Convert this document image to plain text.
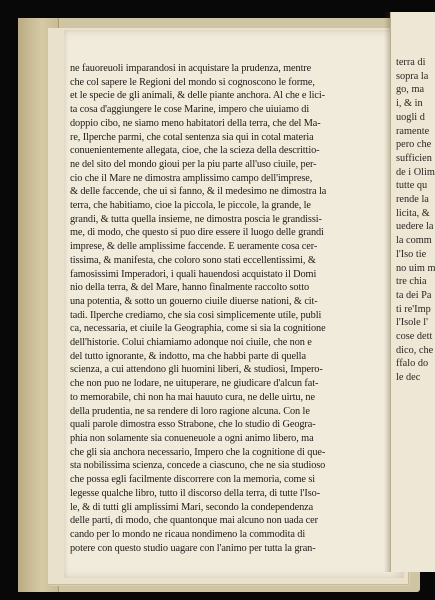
ne fauoreuoli imparandosi in acquistare la prudenza, mentre
che col sapere le Regioni del mondo si cognoscono le forme,
et le specie de gli animali, & delle piante anchora. Al che e lici-
ta cosa d'aggiungere le cose Marine, impero che uiuiamo di
doppio cibo, ne siamo meno habitatori della terra, che del Ma-
re, Ilperche parmi, che cotal sentenza sia qui in cotal materia
conuenientemente allegata, cioe, che la scieza della descrittio-
ne del sito del mondo gioui per la piu parte all'uso ciuile, per-
cio che il Mare ne dimostra amplissimo campo dell'imprese,
& delle faccende, che ui si fanno, & il medesimo ne dimostra la
terra, che habitiamo, cioe la piccola, le piccole, la grande, le
grandi, & tutta quella insieme, ne dimostra poscia le grandissi-
me, di modo, che questo si puo dire essere il luogo delle grandi
imprese, & delle amplissime faccende. E ueramente cosa cer-
tissima, & manifesta, che coloro sono stati eccellentissimi, &
famosissimi Imperadori, i quali hauendosi acquistato il Domi
nio della terra, & del Mare, hanno finalmente raccolto sotto
una potentia, & sotto un gouerno ciuile diuerse nationi, & cit-
tadi. Ilperche crediamo, che sia cosi simplicemente utile, publi
ca, necessaria, et ciuile la Geographia, come si sia la cognitione
dell'historie. Colui chiamiamo adonque noi ciuile, che non e
del tutto ignorante, & indotto, ma che habbi parte di quella
scienza, a cui attendono gli huomini liberi, & studiosi, Impero-
che non puo ne lodare, ne uituperare, ne giudicare d'alcun fat-
to memorabile, chi non ha mai hauuto cura, ne delle uirtu, ne
della prudentia, ne sa rendere di loro ragione alcuna. Con le
quali parole dimostra esso Strabone, che lo studio di Geogra-
phia non solamente sia conueneuole a ogni animo libero, ma
che gli sia anchora necessario, Impero che la cognitione di que-
sta nobilissima scienza, concede a ciascuno, che ne sia studioso
che possa egli facilmente discorrere con la memoria, come si
legesse qualche libro, tutto il discorso della terra, di tutte l'Iso-
le, & di tutti gli amplissimi Mari, secondo la condependenza
delle parti, di modo, che quantonque mai alcuno non uada cer
cando per lo mondo ne ricaua nondimeno la commodita di
potere con questo studio uagare con l'animo per tutta la gran-
terra di
sopra la
go, ma
i, & in
uogli d
ramente
pero che
sufficien
de i Olim
tutte qu
rende la
licita, &
uedere la
la comm
l'Iso tie
no uim m
tre chia
ta dei Pa
ti re'Imp
l'Isole l'
cose dett
dico, che
ffalo do
le dec
